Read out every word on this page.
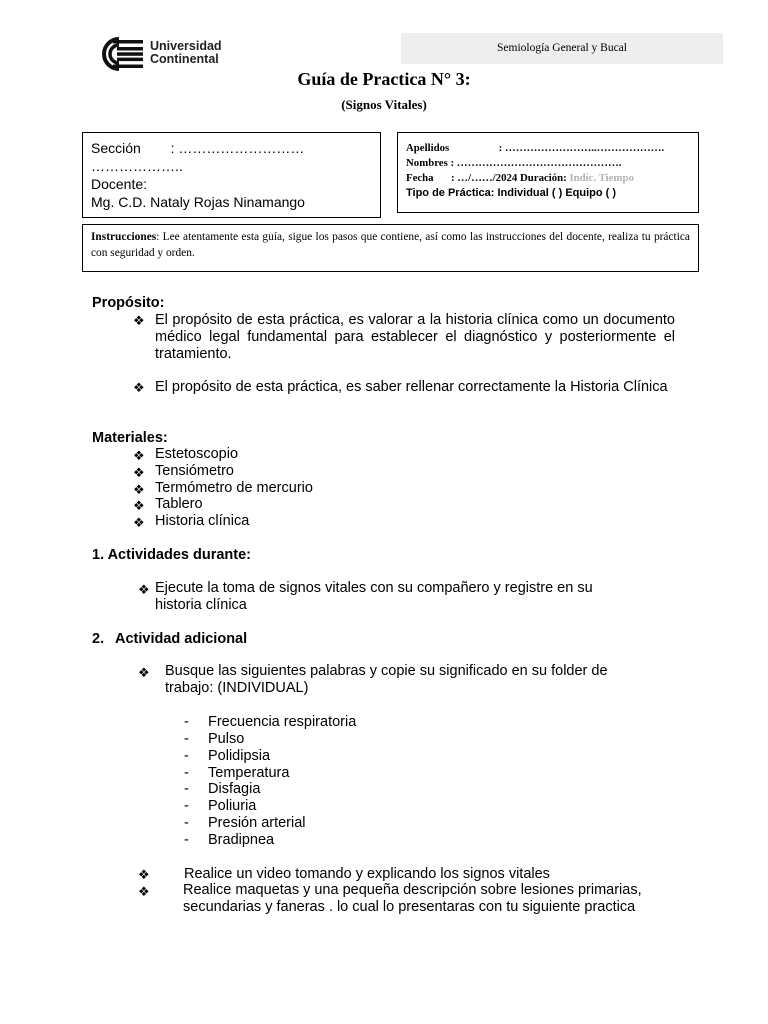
Universidad
Continental
Semiología General y Bucal
Guía de Practica N° 3:
(Signos Vitales)
Sección : ………………………
………………..
Docente:
Mg. C.D. Nataly Rojas Ninamango
Apellidos	: ……………………..……………….
Nombres : ……………………………………….
Fecha : …/……/2024 Duración: Indic. Tiempo
Tipo de Práctica: Individual ( ) Equipo ( )
Instrucciones: Lee atentamente esta guía, sigue los pasos que contiene, así como las instrucciones del docente, realiza tu práctica con seguridad y orden.
Propósito:
❖ El propósito de esta práctica, es valorar a la historia clínica como un documento médico legal fundamental para establecer el diagnóstico y posteriormente el tratamiento.
❖ El propósito de esta práctica, es saber rellenar correctamente la Historia Clínica
Materiales:
❖ Estetoscopio
❖ Tensiómetro
❖ Termómetro de mercurio
❖ Tablero
❖ Historia clínica
1. Actividades durante:
❖ Ejecute la toma de signos vitales con su compañero y registre en su historia clínica
2. Actividad adicional
❖ Busque las siguientes palabras y copie su significado en su folder de trabajo: (INDIVIDUAL)
- Frecuencia respiratoria
- Pulso
- Polidipsia
- Temperatura
- Disfagia
- Poliuria
- Presión arterial
- Bradipnea
❖ Realice un video tomando y explicando los signos vitales
❖ Realice maquetas y una pequeña descripción sobre lesiones primarias, secundarias y faneras . lo cual lo presentaras con tu siguiente practica
